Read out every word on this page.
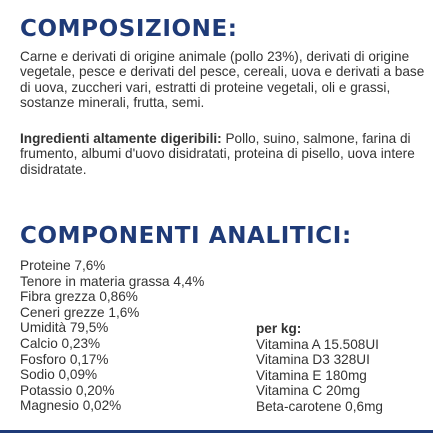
COMPOSIZIONE:

Carne e derivati di origine animale (pollo 23%), derivati di origine vegetale, pesce e derivati del pesce, cereali, uova e derivati a base di uova, zuccheri vari, estratti di proteine vegetali, oli e grassi, sostanze minerali, frutta, semi.

Ingredienti altamente digeribili: Pollo, suino, salmone, farina di frumento, albumi d'uovo disidratati, proteina di pisello, uova intere disidratate.

COMPONENTI ANALITICI:
Proteine 7,6%
Tenore in materia grassa 4,4%
Fibra grezza 0,86%
Ceneri grezze 1,6%
Umidità 79,5%
Calcio 0,23%
Fosforo 0,17%
Sodio 0,09%
Potassio 0,20%
Magnesio 0,02%
per kg:
Vitamina A 15.508UI
Vitamina D3 328UI
Vitamina E 180mg
Vitamina C 20mg
Beta-carotene 0,6mg
